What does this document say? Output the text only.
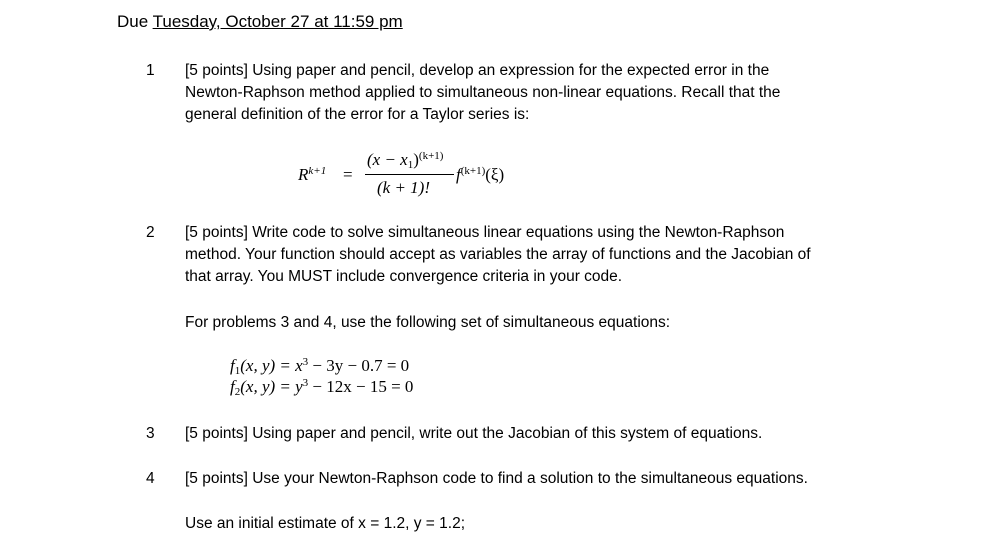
Due Tuesday, October 27 at 11:59 pm
1	[5 points] Using paper and pencil, develop an expression for the expected error in the
Newton-Raphson method applied to simultaneous non-linear equations. Recall that the
general definition of the error for a Taylor series is:
$R^{k+1}$ =
$(x - x_1)^{(k+1)}$
(k + 1)!
$f^{(k+1)}(\xi)$
2	[5 points] Write code to solve simultaneous linear equations using the Newton-Raphson
method. Your function should accept as variables the array of functions and the Jacobian of
that array. You MUST include convergence criteria in your code.
For problems 3 and 4, use the following set of simultaneous equations:
$f_1(x$, $y) = x^3 - 3y - 0.7 = 0$
$f_2(x$, $y) = y^3 - 12x - 15 = 0$
3	[5 points] Using paper and pencil, write out the Jacobian of this system of equations.
4	[5 points] Use your Newton-Raphson code to find a solution to the simultaneous equations.
Use an initial estimate of x = 1.2, y = 1.2;
